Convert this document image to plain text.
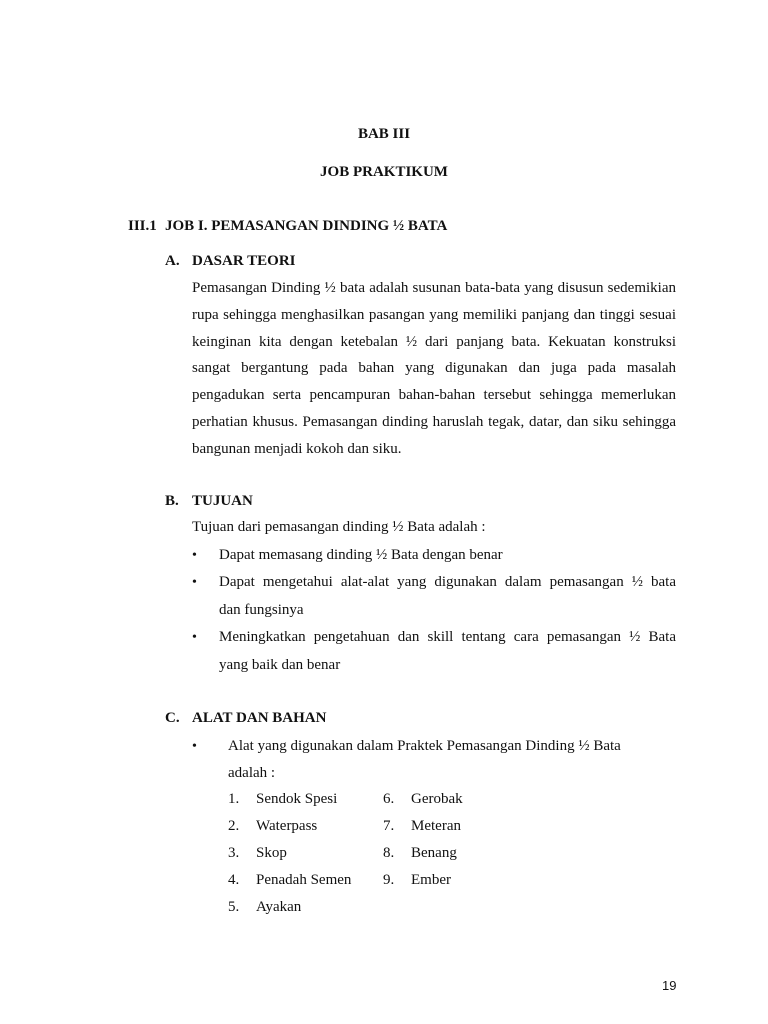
BAB III
JOB PRAKTIKUM
III.1 JOB I. PEMASANGAN DINDING ½ BATA
A. DASAR TEORI

Pemasangan Dinding ½ bata adalah susunan bata-bata yang disusun sedemikian rupa sehingga menghasilkan pasangan yang memiliki panjang dan tinggi sesuai keinginan kita dengan ketebalan ½ dari panjang bata. Kekuatan konstruksi sangat bergantung pada bahan yang digunakan dan juga pada masalah pengadukan serta pencampuran bahan-bahan tersebut sehingga memerlukan perhatian khusus. Pemasangan dinding haruslah tegak, datar, dan siku sehingga bangunan menjadi kokoh dan siku.

B. TUJUAN
Tujuan dari pemasangan dinding ½ Bata adalah :
• Dapat memasang dinding ½ Bata dengan benar
• Dapat mengetahui alat-alat yang digunakan dalam pemasangan ½ bata
dan fungsinya
• Meningkatkan pengetahuan dan skill tentang cara pemasangan ½ Bata
yang baik dan benar
C. ALAT DAN BAHAN
• Alat yang digunakan dalam Praktek Pemasangan Dinding ½ Bata
adalah :
1. Sendok Spesi
2. Waterpass
3. Skop
4. Penadah Semen
5. Ayakan
6. Gerobak
7. Meteran
8. Benang
9. Ember
19
